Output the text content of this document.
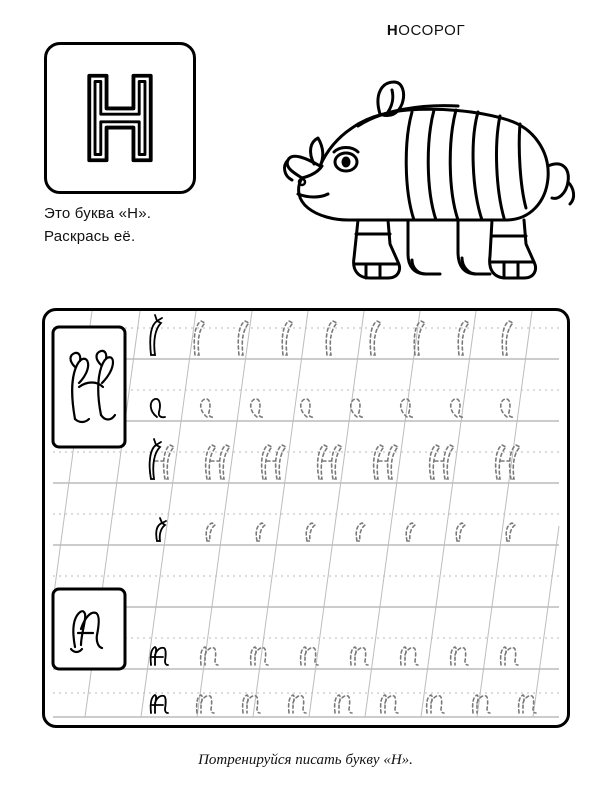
Это буква «Н».
Раскрась её.
НОСОРОГ
Потренируйся писать букву «Н».
